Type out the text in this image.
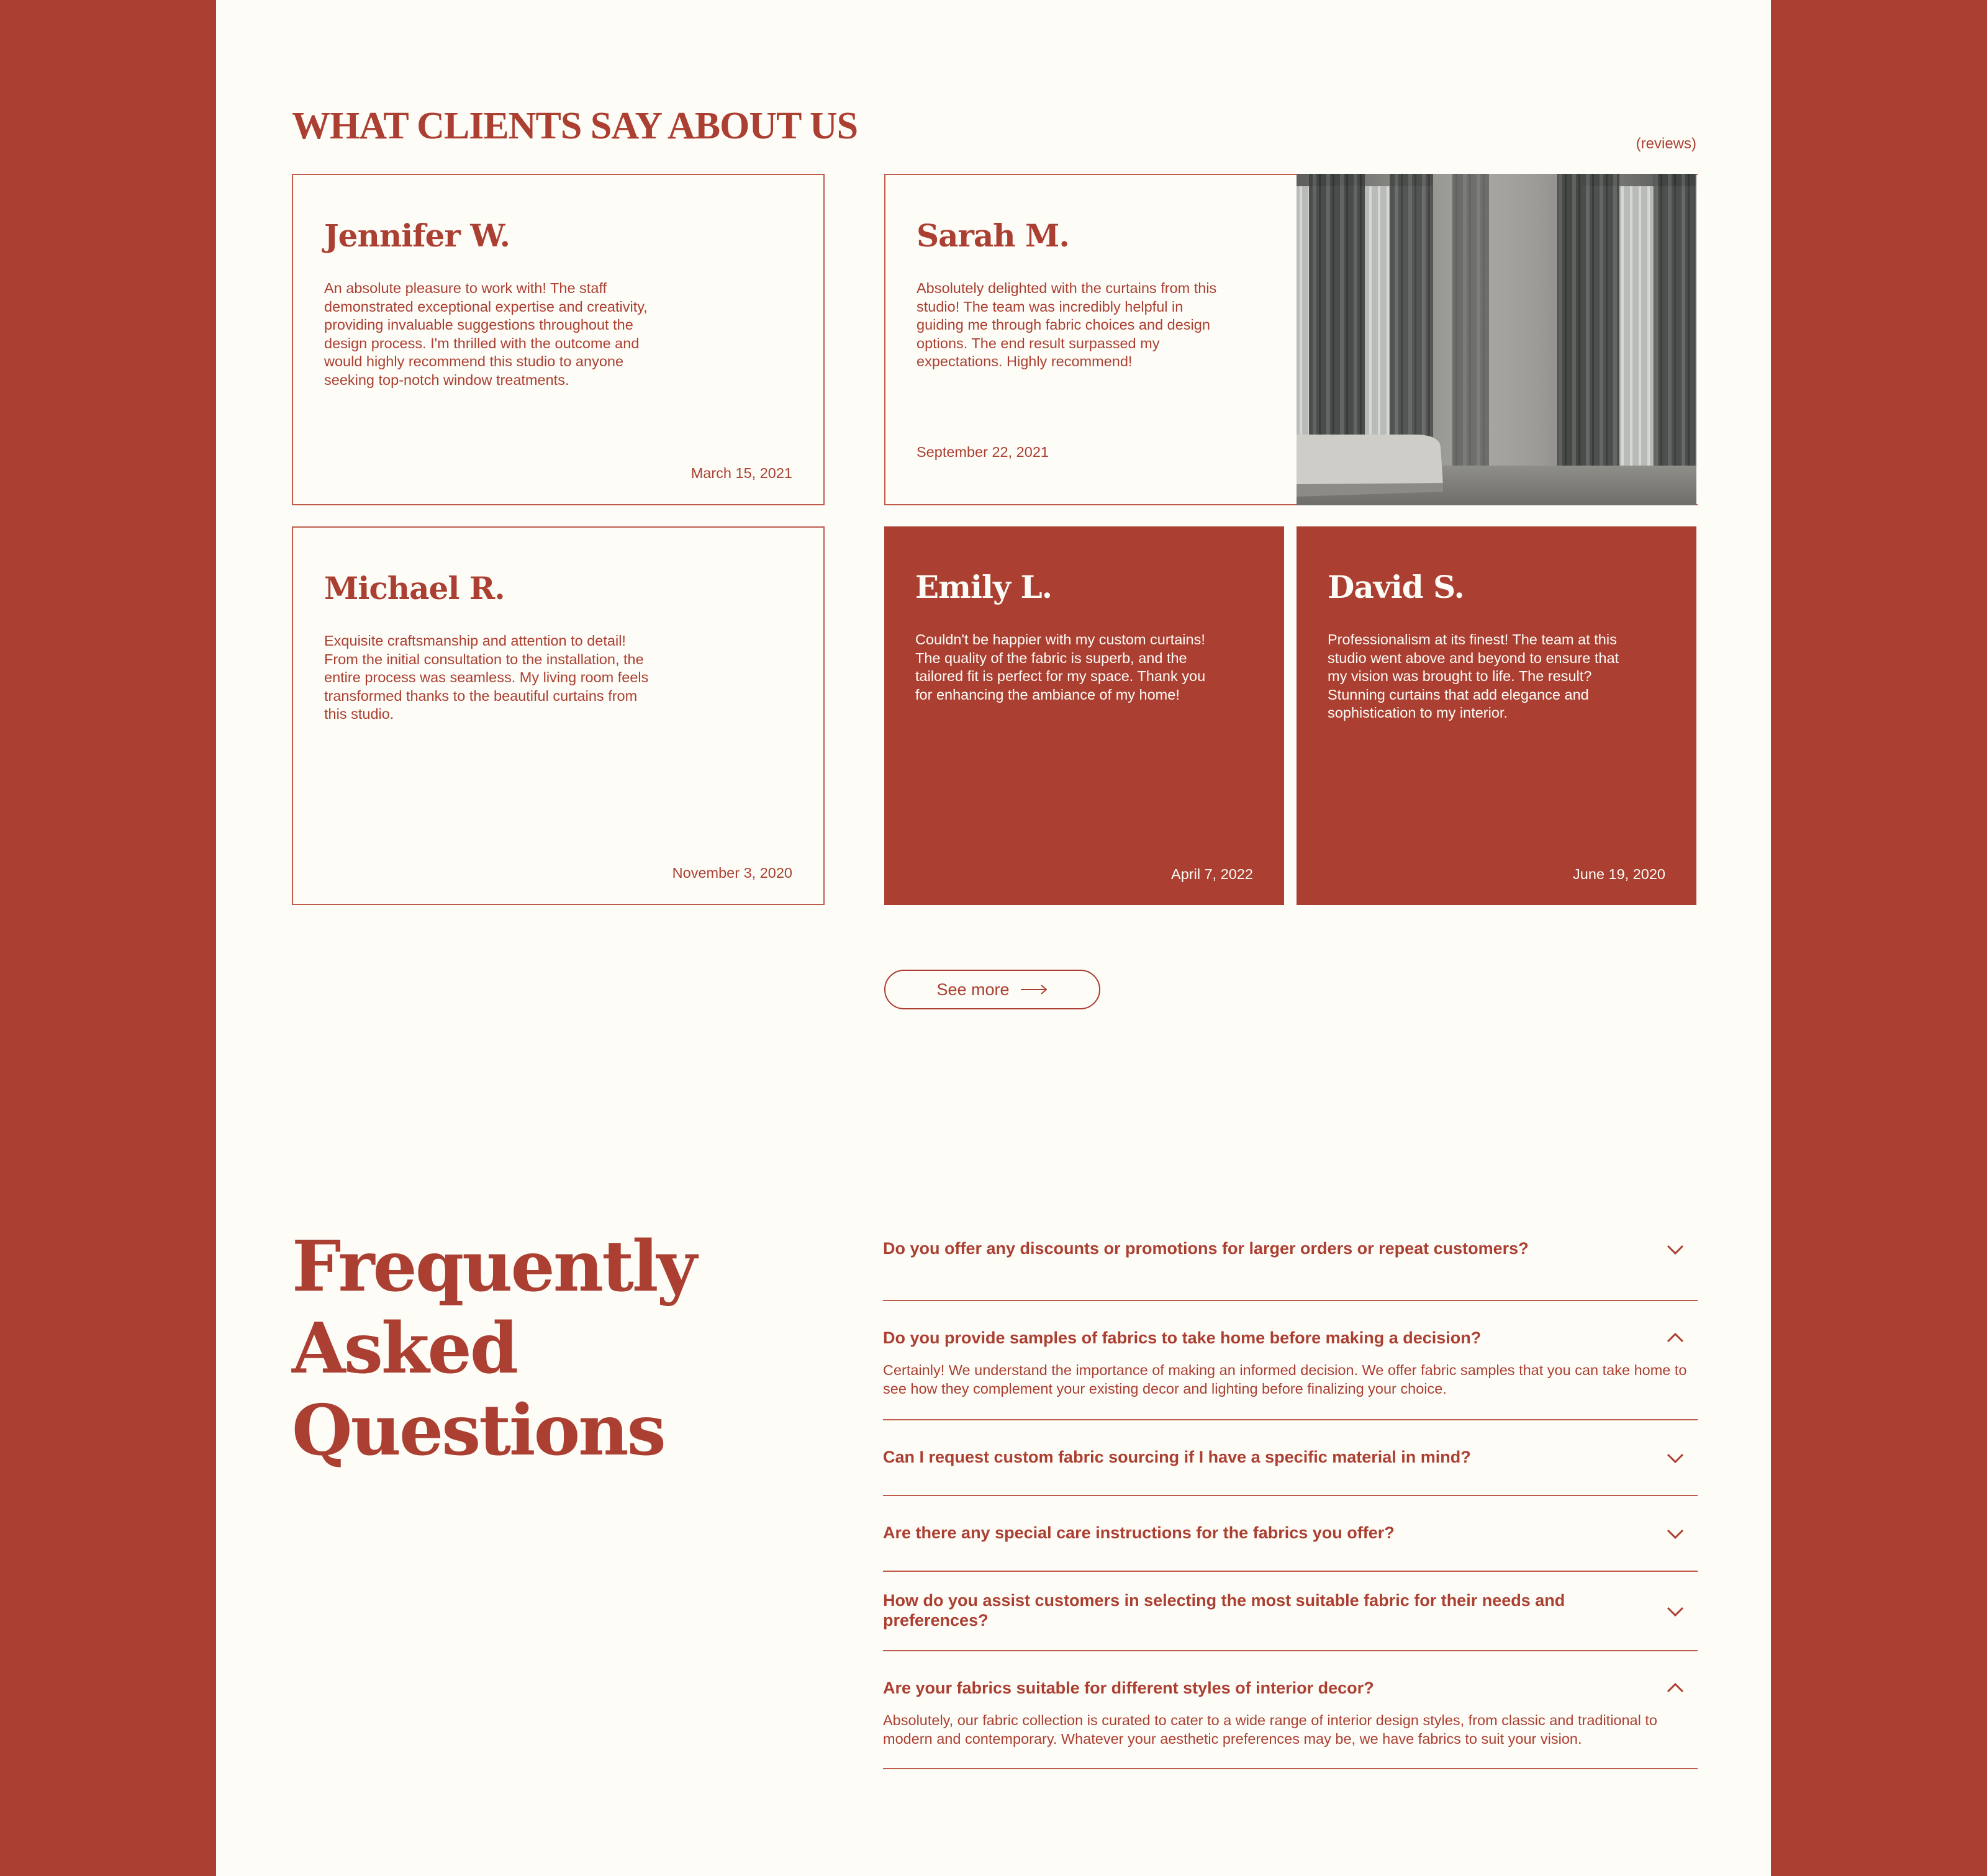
WHAT CLIENTS SAY ABOUT US	(reviews)
Jennifer W.

An absolute pleasure to work with! The staff demonstrated exceptional expertise and creativity, providing invaluable suggestions throughout the design process. I'm thrilled with the outcome and would highly recommend this studio to anyone seeking top-notch window treatments.

March 15, 2021
Sarah M.

Absolutely delighted with the curtains from this studio! The team was incredibly helpful in guiding me through fabric choices and design options. The end result surpassed my expectations. Highly recommend!

September 22, 2021
Michael R.

Exquisite craftsmanship and attention to detail! From the initial consultation to the installation, the entire process was seamless. My living room feels transformed thanks to the beautiful curtains from this studio.

November 3, 2020
Emily L.

Couldn't be happier with my custom curtains! The quality of the fabric is superb, and the tailored fit is perfect for my space. Thank you for enhancing the ambiance of my home!

April 7, 2022
David S.

Professionalism at its finest! The team at this studio went above and beyond to ensure that my vision was brought to life. The result? Stunning curtains that add elegance and sophistication to my interior.

June 19, 2020
See more
Frequently
Asked
Questions

Do you offer any discounts or promotions for larger orders or repeat customers?

Do you provide samples of fabrics to take home before making a decision?

Certainly! We understand the importance of making an informed decision. We offer fabric samples that you can take home to see how they complement your existing decor and lighting before finalizing your choice.

Can I request custom fabric sourcing if I have a specific material in mind?

Are there any special care instructions for the fabrics you offer?

How do you assist customers in selecting the most suitable fabric for their needs and preferences?

Are your fabrics suitable for different styles of interior decor?

Absolutely, our fabric collection is curated to cater to a wide range of interior design styles, from classic and traditional to modern and contemporary. Whatever your aesthetic preferences may be, we have fabrics to suit your vision.
